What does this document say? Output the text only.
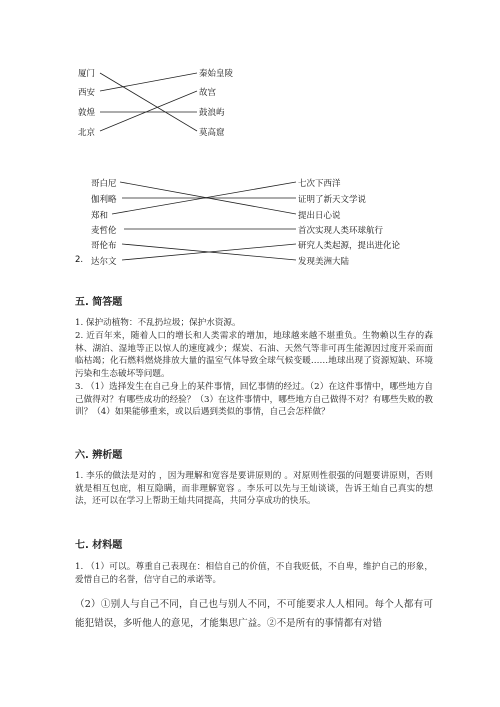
厦门
西安
敦煌
北京
秦始皇陵
故宫
鼓浪屿
莫高窟
哥白尼
伽利略
郑和
麦哲伦
哥伦布
2. 达尔文
七次下西洋
证明了新天文学说
提出日心说
首次实现人类环球航行
研究人类起源，提出进化论
发现美洲大陆
五. 简答题
1. 保护动植物：不乱扔垃圾；保护水资源。
2. 近百年来，随着人口的增长和人类需求的增加，地球越来越不堪重负。生物赖以生存的森林、湖泊、湿地等正以惊人的速度减少；煤炭、石油、天然气等非可再生能源因过度开采而面临枯竭；化石燃料燃烧排放大量的温室气体导致全球气候变暖……地球出现了资源短缺、环境污染和生态破坏等问题。
3. （1）选择发生在自己身上的某件事情，回忆事情的经过。（2）在这件事情中，哪些地方自己做得对？有哪些成功的经验？（3）在这件事情中，哪些地方自己做得不对？有哪些失败的教训？（4）如果能够重来，或以后遇到类似的事情，自己会怎样做？
六. 辨析题
1. 李乐的做法是对的 ，因为理解和宽容是要讲原则的 。对原则性很强的问题要讲原则，否则就是相互包庇，相互隐瞒，而非理解宽容 。李乐可以先与王灿谈谈，告诉王灿自己真实的想法，还可以在学习上帮助王灿共同提高，共同分享成功的快乐。
七. 材料题
1. （1）可以。尊重自己表现在：相信自己的价值，不自我贬低，不自卑，维护自己的形象，爱惜自己的名誉，信守自己的承诺等。
（2）①别人与自己不同，自己也与别人不同，不可能要求人人相同。每个人都有可能犯错误，多听他人的意见，才能集思广益。②不是所有的事情都有对错
